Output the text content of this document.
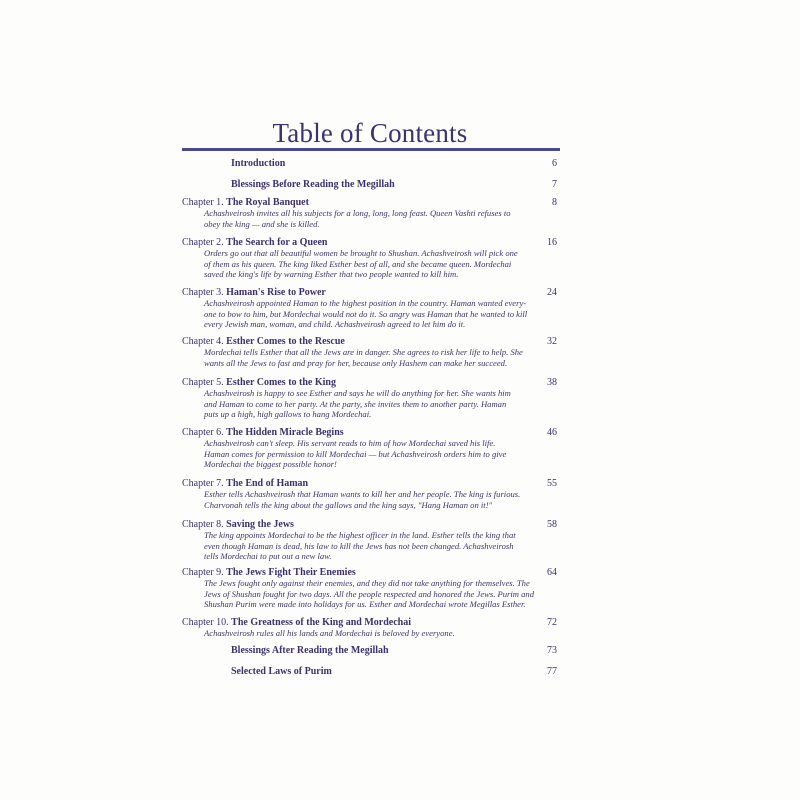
Table of Contents
Introduction	6
Blessings Before Reading the Megillah	7
Chapter 1. The Royal Banquet	8
Achashveirosh invites all his subjects for a long, long, long feast. Queen Vashti refuses to
obey the king — and she is killed.
Chapter 2. The Search for a Queen	16
Orders go out that all beautiful women be brought to Shushan. Achashveirosh will pick one
of them as his queen. The king liked Esther best of all, and she became queen. Mordechai
saved the king's life by warning Esther that two people wanted to kill him.
Chapter 3. Haman's Rise to Power	24
Achashveirosh appointed Haman to the highest position in the country. Haman wanted every-
one to bow to him, but Mordechai would not do it. So angry was Haman that he wanted to kill
every Jewish man, woman, and child. Achashveirosh agreed to let him do it.
Chapter 4. Esther Comes to the Rescue	32
Mordechai tells Esther that all the Jews are in danger. She agrees to risk her life to help. She
wants all the Jews to fast and pray for her, because only Hashem can make her succeed.
Chapter 5. Esther Comes to the King	38
Achashveirosh is happy to see Esther and says he will do anything for her. She wants him
and Haman to come to her party. At the party, she invites them to another party. Haman
puts up a high, high gallows to hang Mordechai.
Chapter 6. The Hidden Miracle Begins	46
Achashveirosh can't sleep. His servant reads to him of how Mordechai saved his life.
Haman comes for permission to kill Mordechai — but Achashveirosh orders him to give
Mordechai the biggest possible honor!
Chapter 7. The End of Haman	55
Esther tells Achashveirosh that Haman wants to kill her and her people. The king is furious.
Charvonah tells the king about the gallows and the king says, "Hang Haman on it!"
Chapter 8. Saving the Jews	58
The king appoints Mordechai to be the highest officer in the land. Esther tells the king that
even though Haman is dead, his law to kill the Jews has not been changed. Achashveirosh
tells Mordechai to put out a new law.
Chapter 9. The Jews Fight Their Enemies	64
The Jews fought only against their enemies, and they did not take anything for themselves. The
Jews of Shushan fought for two days. All the people respected and honored the Jews. Purim and
Shushan Purim were made into holidays for us. Esther and Mordechai wrote Megillas Esther.
Chapter 10. The Greatness of the King and Mordechai	72
Achashveirosh rules all his lands and Mordechai is beloved by everyone.
Blessings After Reading the Megillah	73
Selected Laws of Purim	77
